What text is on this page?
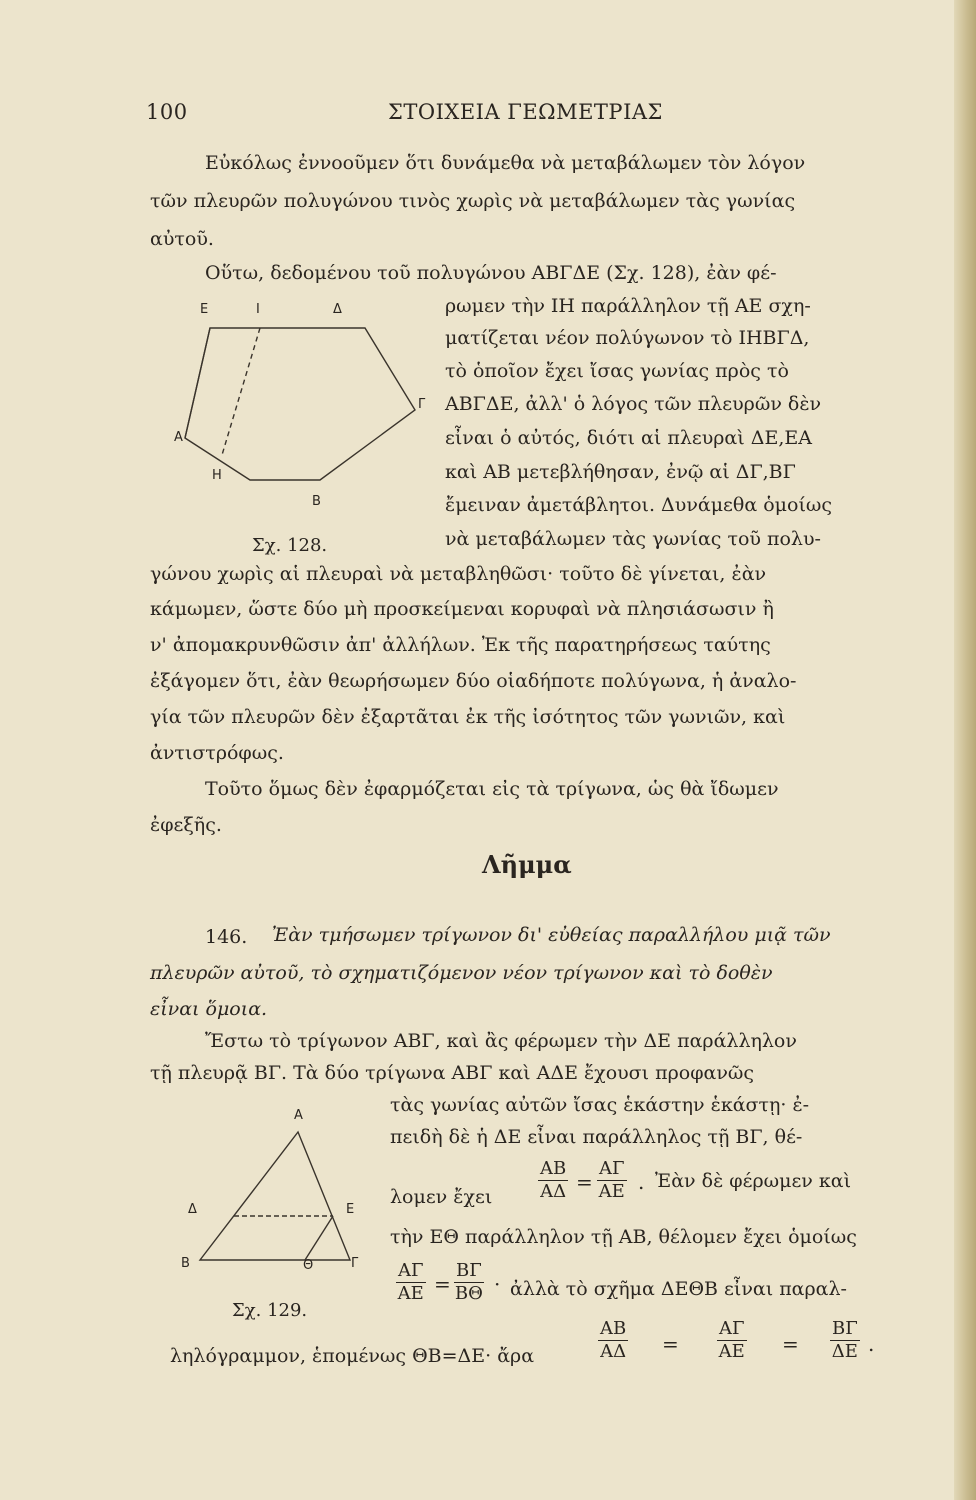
100	ΣΤΟΙΧΕΙΑ ΓΕΩΜΕΤΡΙΑΣ
Εὐκόλως ἐννοοῦμεν ὅτι δυνάμεθα νὰ μεταβάλωμεν τὸν λόγον
τῶν πλευρῶν πολυγώνου τινὸς χωρὶς νὰ μεταβάλωμεν τὰς γωνίας
αὐτοῦ.
Οὕτω, δεδομένου τοῦ πολυγώνου ΑΒΓΔΕ (Σχ. 128), ἐὰν φέ-
ρωμεν τὴν ΙΗ παράλληλον τῇ ΑΕ σχη-
ματίζεται νέον πολύγωνον τὸ ΙΗΒΓΔ,
τὸ ὁποῖον ἔχει ἴσας γωνίας πρὸς τὸ
ΑΒΓΔΕ, ἀλλ' ὁ λόγος τῶν πλευρῶν δὲν
εἶναι ὁ αὐτός, διότι αἱ πλευραὶ ΔΕ,ΕΑ
καὶ ΑΒ μετεβλήθησαν, ἐνῷ αἱ ΔΓ,ΒΓ
ἔμειναν ἀμετάβλητοι. Δυνάμεθα ὁμοίως
νὰ μεταβάλωμεν τὰς γωνίας τοῦ πολυ-
γώνου χωρὶς αἱ πλευραὶ νὰ μεταβληθῶσι· τοῦτο δὲ γίνεται, ἐὰν
κάμωμεν, ὥστε δύο μὴ προσκείμεναι κορυφαὶ νὰ πλησιάσωσιν ἢ
ν' ἀπομακρυνθῶσιν ἀπ' ἀλλήλων. Ἐκ τῆς παρατηρήσεως ταύτης
ἐξάγομεν ὅτι, ἐὰν θεωρήσωμεν δύο οἱαδήποτε πολύγωνα, ἡ ἀναλο-
γία τῶν πλευρῶν δὲν ἐξαρτᾶται ἐκ τῆς ἰσότητος τῶν γωνιῶν, καὶ
ἀντιστρόφως.
Τοῦτο ὅμως δὲν ἐφαρμόζεται εἰς τὰ τρίγωνα, ὡς θὰ ἴδωμεν
ἐφεξῆς.
E	I	Δ
Γ
A
H
B
Σχ. 128.
Λῆμμα
146. Ἐὰν τμήσωμεν τρίγωνον δι' εὐθείας παραλλήλου μιᾷ τῶν
πλευρῶν αὐτοῦ, τὸ σχηματιζόμενον νέον τρίγωνον καὶ τὸ δοθὲν
εἶναι ὅμοια.
Ἔστω τὸ τρίγωνον ΑΒΓ, καὶ ἂς φέρωμεν τὴν ΔΕ παράλληλον
τῇ πλευρᾷ ΒΓ. Τὰ δύο τρίγωνα ΑΒΓ καὶ ΑΔΕ ἔχουσι προφανῶς
τὰς γωνίας αὐτῶν ἴσας ἑκάστην ἑκάστῃ· ἐ-
πειδὴ δὲ ἡ ΔΕ εἶναι παράλληλος τῇ ΒΓ, θέ-
λομεν ἔχει
Ἐὰν δὲ φέρωμεν καὶ
τὴν ΕΘ παράλληλον τῇ ΑΒ, θέλομεν ἔχει ὁμοίως
ἀλλὰ τὸ σχῆμα ΔΕΘΒ εἶναι παραλ-
ληλόγραμμον, ἑπομένως ΘΒ=ΔΕ· ἄρα
$\frac{AB}{A\Delta} = \frac{A\Gamma}{AE}$ .
$\frac{A\Gamma}{AE} = \frac{B\Gamma}{B\Theta}$ ·
$\frac{AB}{A\Delta} = \frac{A\Gamma}{AE} = \frac{B\Gamma}{\Delta E}$ .
A
Δ	E
B	Θ	Γ
Σχ. 129.
